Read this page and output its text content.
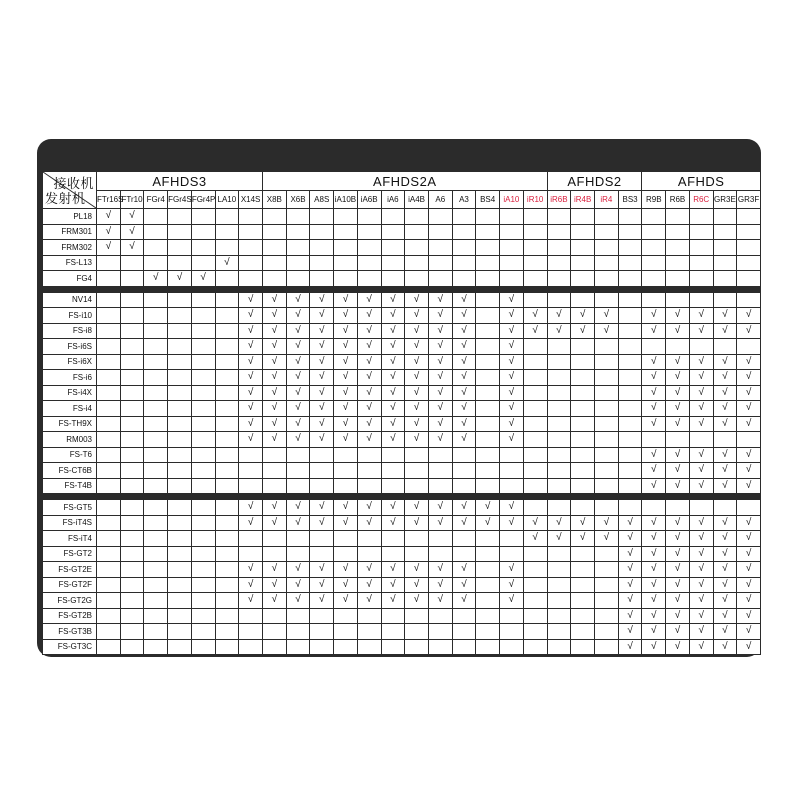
接收机
发射机	AFHDS3							AFHDS2A												AFHDS2				AFHDS				
	FTr16S	FTr10	FGr4	FGr4S	FGr4P	LA10	X14S	X8B	X6B	A8S	iA10B	iA6B	iA6	iA4B	A6	A3	BS4	iA10	iR10	iR6B	iR4B	iR4	BS3	R9B	R6B	R6C	GR3E	GR3F
PL18	√	√																										
FRM301	√	√																										
FRM302	√	√																										
FS-L13						√																						
FG4			√	√	√																							

NV14							√	√	√	√	√	√	√	√	√	√		√										
FS-i10							√	√	√	√	√	√	√	√	√	√		√	√	√	√	√		√	√	√	√	√
FS-i8							√	√	√	√	√	√	√	√	√	√		√	√	√	√	√		√	√	√	√	√
FS-i6S							√	√	√	√	√	√	√	√	√	√		√										
FS-i6X							√	√	√	√	√	√	√	√	√	√		√						√	√	√	√	√
FS-i6							√	√	√	√	√	√	√	√	√	√		√						√	√	√	√	√
FS-i4X							√	√	√	√	√	√	√	√	√	√		√						√	√	√	√	√
FS-i4							√	√	√	√	√	√	√	√	√	√		√						√	√	√	√	√
FS-TH9X							√	√	√	√	√	√	√	√	√	√		√						√	√	√	√	√
RM003							√	√	√	√	√	√	√	√	√	√		√										
FS-T6																								√	√	√	√	√
FS-CT6B																								√	√	√	√	√
FS-T4B																								√	√	√	√	√

FS-GT5							√	√	√	√	√	√	√	√	√	√	√	√										
FS-iT4S							√	√	√	√	√	√	√	√	√	√	√	√	√	√	√	√	√	√	√	√	√	√
FS-iT4																			√	√	√	√	√	√	√	√	√	√
FS-GT2																							√	√	√	√	√	√
FS-GT2E							√	√	√	√	√	√	√	√	√	√		√					√	√	√	√	√	√
FS-GT2F							√	√	√	√	√	√	√	√	√	√		√					√	√	√	√	√	√
FS-GT2G							√	√	√	√	√	√	√	√	√	√		√					√	√	√	√	√	√
FS-GT2B																							√	√	√	√	√	√
FS-GT3B																							√	√	√	√	√	√
FS-GT3C																							√	√	√	√	√	√
